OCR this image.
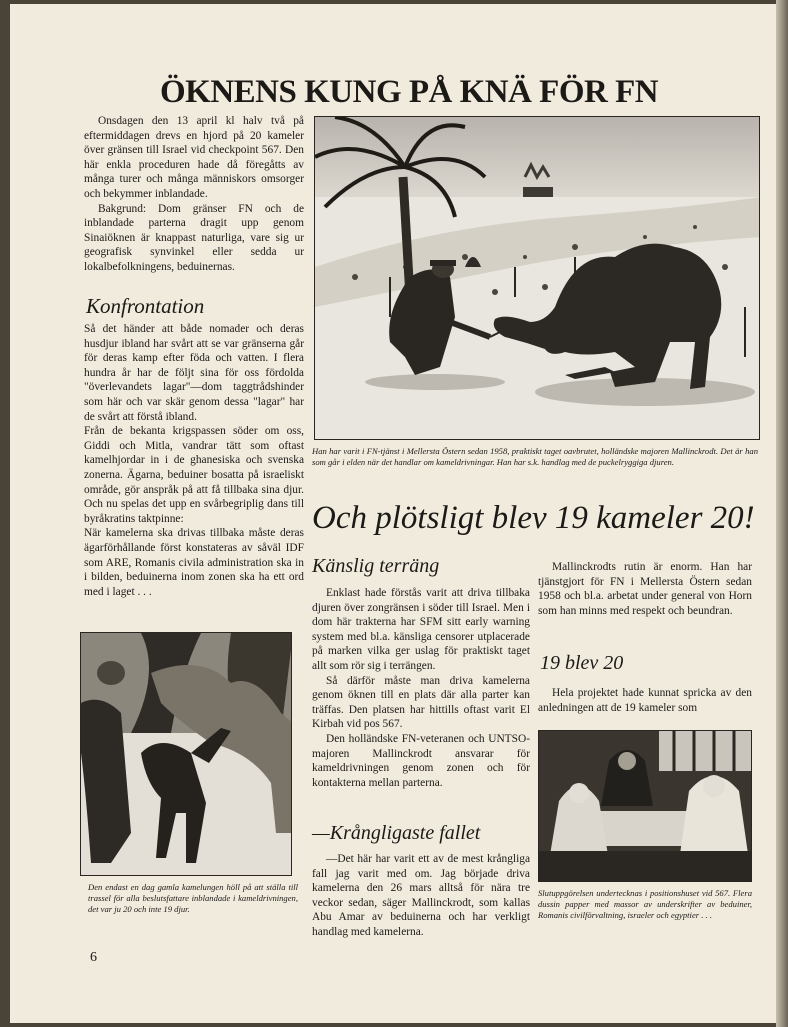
ÖKNENS KUNG PÅ KNÄ FÖR FN

Onsdagen den 13 april kl halv två på eftermiddagen drevs en hjord på 20 kameler över gränsen till Israel vid checkpoint 567. Den här enkla proceduren hade då föregåtts av många turer och många människors omsorger och bekymmer inblandade.

Bakgrund: Dom gränser FN och de inblandade parterna dragit upp genom Sinaiöknen är knappast naturliga, vare sig ur geografisk synvinkel eller sedda ur lokalbefolkningens, beduinernas.

Konfrontation

Så det händer att både nomader och deras husdjur ibland har svårt att se var gränserna går för deras kamp efter föda och vatten. I flera hundra år har de följt sina för oss fördolda "överlevandets lagar"—dom taggtrådshinder som här och var skär genom dessa "lagar" har de svårt att förstå ibland.

Från de bekanta krigspassen söder om oss, Giddi och Mitla, vandrar tätt som oftast kamelhjordar in i de ghanesiska och svenska zonerna. Ägarna, beduiner bosatta på israeliskt område, gör anspråk på att få tillbaka sina djur. Och nu spelas det upp en svårbegriplig dans till byråkratins taktpinne:

När kamelerna ska drivas tillbaka måste deras ägarförhållande först konstateras av såväl IDF som ARE, Romanis civila administration ska in i bilden, beduinerna inom zonen ska ha ett ord med i laget . . .

Han har varit i FN-tjänst i Mellersta Östern sedan 1958, praktiskt taget oavbrutet, holländske majoren Mallinckrodt. Det är han som går i elden när det handlar om kameldrivningar. Han har s.k. handlag med de puckelryggiga djuren.
Och plötsligt blev 19 kameler 20!
Känslig terräng

Enklast hade förstås varit att driva tillbaka djuren över zongränsen i söder till Israel. Men i dom här trakterna har SFM sitt early warning system med bl.a. känsliga censorer utplacerade på marken vilka ger uslag för praktiskt taget allt som rör sig i terrängen.

Så därför måste man driva kamelerna genom öknen till en plats där alla parter kan träffas. Den platsen har hittills oftast varit El Kirbah vid pos 567.

Den holländske FN-veteranen och UNTSO-majoren Mallinckrodt ansvarar för kameldrivningen genom zonen och för kontakterna mellan parterna.

—Krångligaste fallet

—Det här har varit ett av de mest krångliga fall jag varit med om. Jag började driva kamelerna den 26 mars alltså för nära tre veckor sedan, säger Mallinckrodt, som kallas Abu Amar av beduinerna och har verkligt handlag med kamelerna.

Mallinckrodts rutin är enorm. Han har tjänstgjort för FN i Mellersta Östern sedan 1958 och bl.a. arbetat under general von Horn som han minns med respekt och beundran.

19 blev 20

Hela projektet hade kunnat spricka av den anledningen att de 19 kameler som

Slutuppgörelsen undertecknas i positionshuset vid 567. Flera dussin papper med massor av underskrifter av beduiner, Romanis civilförvaltning, israeler och egyptier . . .
Den endast en dag gamla kamelungen höll på att ställa till trassel för alla beslutsfattare inblandade i kameldrivningen, det var ju 20 och inte 19 djur.
6
